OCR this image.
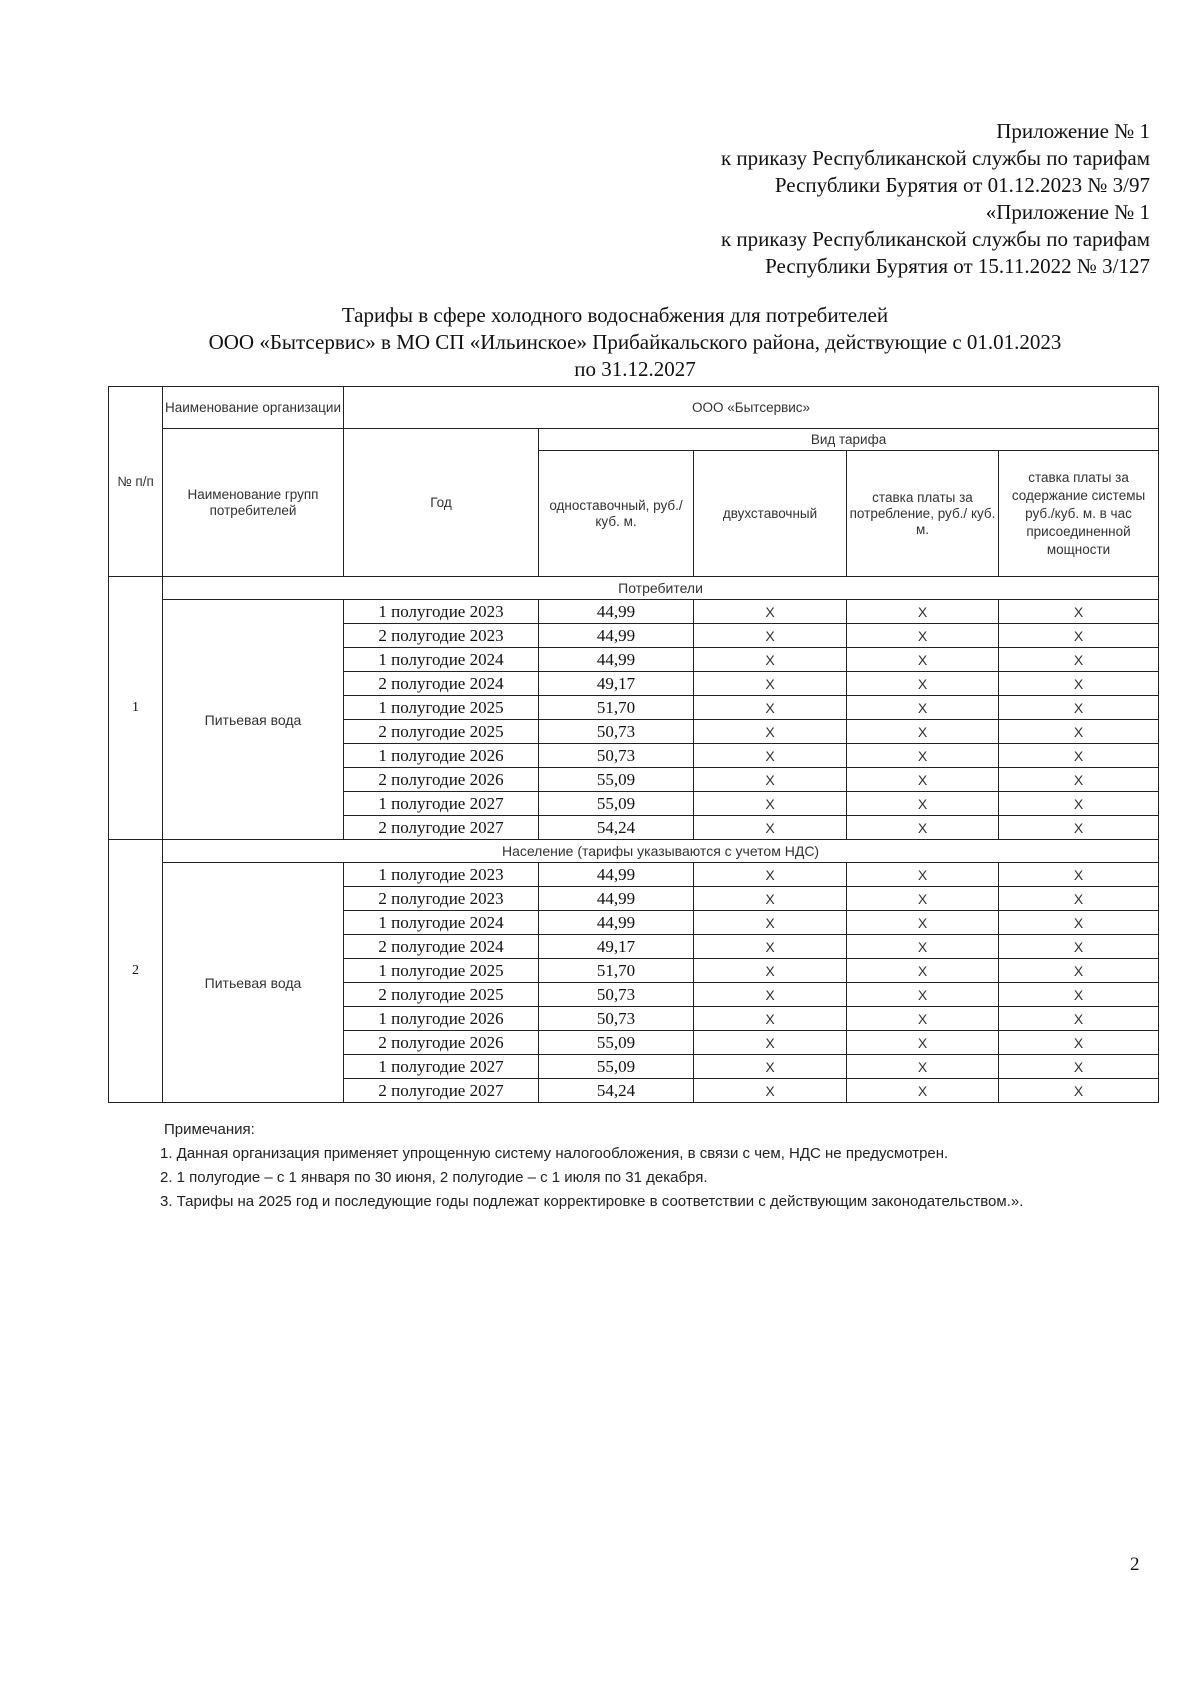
Приложение № 1
к приказу Республиканской службы по тарифам
Республики Бурятия от 01.12.2023 № 3/97
«Приложение № 1
к приказу Республиканской службы по тарифам
Республики Бурятия от 15.11.2022 № 3/127
Тарифы в сфере холодного водоснабжения для потребителей
ООО «Бытсервис» в МО СП «Ильинское» Прибайкальского района, действующие с 01.01.2023
по 31.12.2027
№ п/п	Наименование организации	ООО «Бытсервис»				
	Наименование групп потребителей	Год	Вид тарифа			
			одноставочный, руб./ куб. м.	двухставочный	ставка платы за потребление, руб./ куб. м.	ставка платы за содержание системы руб./куб. м. в час присоединенной мощности
1	Потребители					
	Питьевая вода	1 полугодие 2023	44,99	X	X	X
		2 полугодие 2023	44,99	X	X	X
		1 полугодие 2024	44,99	X	X	X
		2 полугодие 2024	49,17	X	X	X
		1 полугодие 2025	51,70	X	X	X
		2 полугодие 2025	50,73	X	X	X
		1 полугодие 2026	50,73	X	X	X
		2 полугодие 2026	55,09	X	X	X
		1 полугодие 2027	55,09	X	X	X
		2 полугодие 2027	54,24	X	X	X
2	Население (тарифы указываются с учетом НДС)					
	Питьевая вода	1 полугодие 2023	44,99	X	X	X
		2 полугодие 2023	44,99	X	X	X
		1 полугодие 2024	44,99	X	X	X
		2 полугодие 2024	49,17	X	X	X
		1 полугодие 2025	51,70	X	X	X
		2 полугодие 2025	50,73	X	X	X
		1 полугодие 2026	50,73	X	X	X
		2 полугодие 2026	55,09	X	X	X
		1 полугодие 2027	55,09	X	X	X
		2 полугодие 2027	54,24	X	X	X
Примечания:
1. Данная организация применяет упрощенную систему налогообложения, в связи с чем, НДС не предусмотрен.
2. 1 полугодие – с 1 января по 30 июня, 2 полугодие – с 1 июля по 31 декабря.
3. Тарифы на 2025 год и последующие годы подлежат корректировке в соответствии с действующим законодательством.».
2
